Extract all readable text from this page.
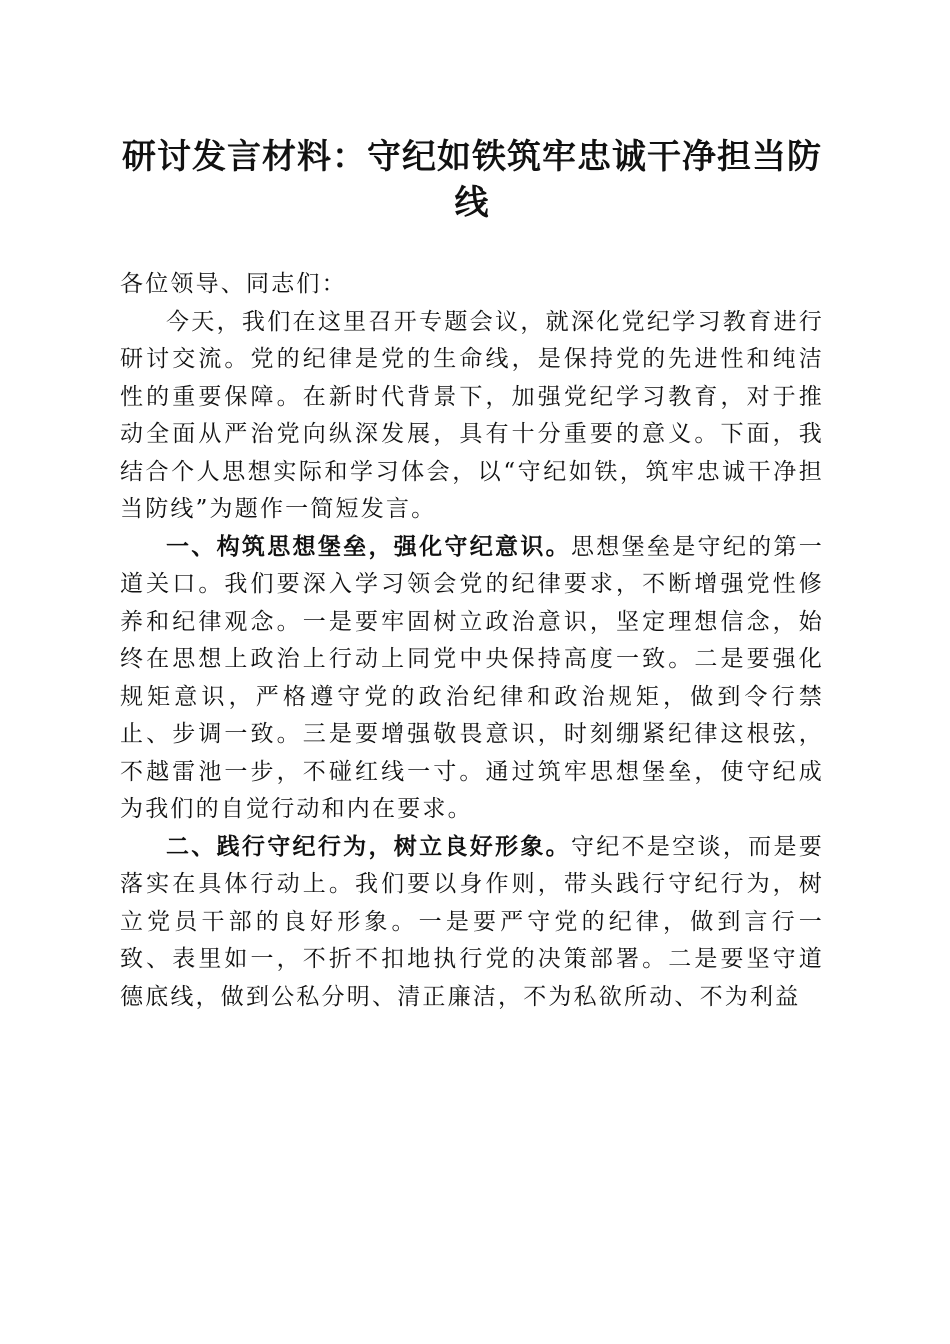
研讨发言材料：守纪如铁筑牢忠诚干净担当防线

各位领导、同志们：

今天，我们在这里召开专题会议，就深化党纪学习教育进行研讨交流。党的纪律是党的生命线，是保持党的先进性和纯洁性的重要保障。在新时代背景下，加强党纪学习教育，对于推动全面从严治党向纵深发展，具有十分重要的意义。下面，我结合个人思想实际和学习体会，以“守纪如铁，筑牢忠诚干净担当防线”为题作一简短发言。

一、构筑思想堡垒，强化守纪意识。思想堡垒是守纪的第一道关口。我们要深入学习领会党的纪律要求，不断增强党性修养和纪律观念。一是要牢固树立政治意识，坚定理想信念，始终在思想上政治上行动上同党中央保持高度一致。二是要强化规矩意识，严格遵守党的政治纪律和政治规矩，做到令行禁止、步调一致。三是要增强敬畏意识，时刻绷紧纪律这根弦，不越雷池一步，不碰红线一寸。通过筑牢思想堡垒，使守纪成为我们的自觉行动和内在要求。

二、践行守纪行为，树立良好形象。守纪不是空谈，而是要落实在具体行动上。我们要以身作则，带头践行守纪行为，树立党员干部的良好形象。一是要严守党的纪律，做到言行一致、表里如一，不折不扣地执行党的决策部署。二是要坚守道德底线，做到公私分明、清正廉洁，不为私欲所动、不为利益
